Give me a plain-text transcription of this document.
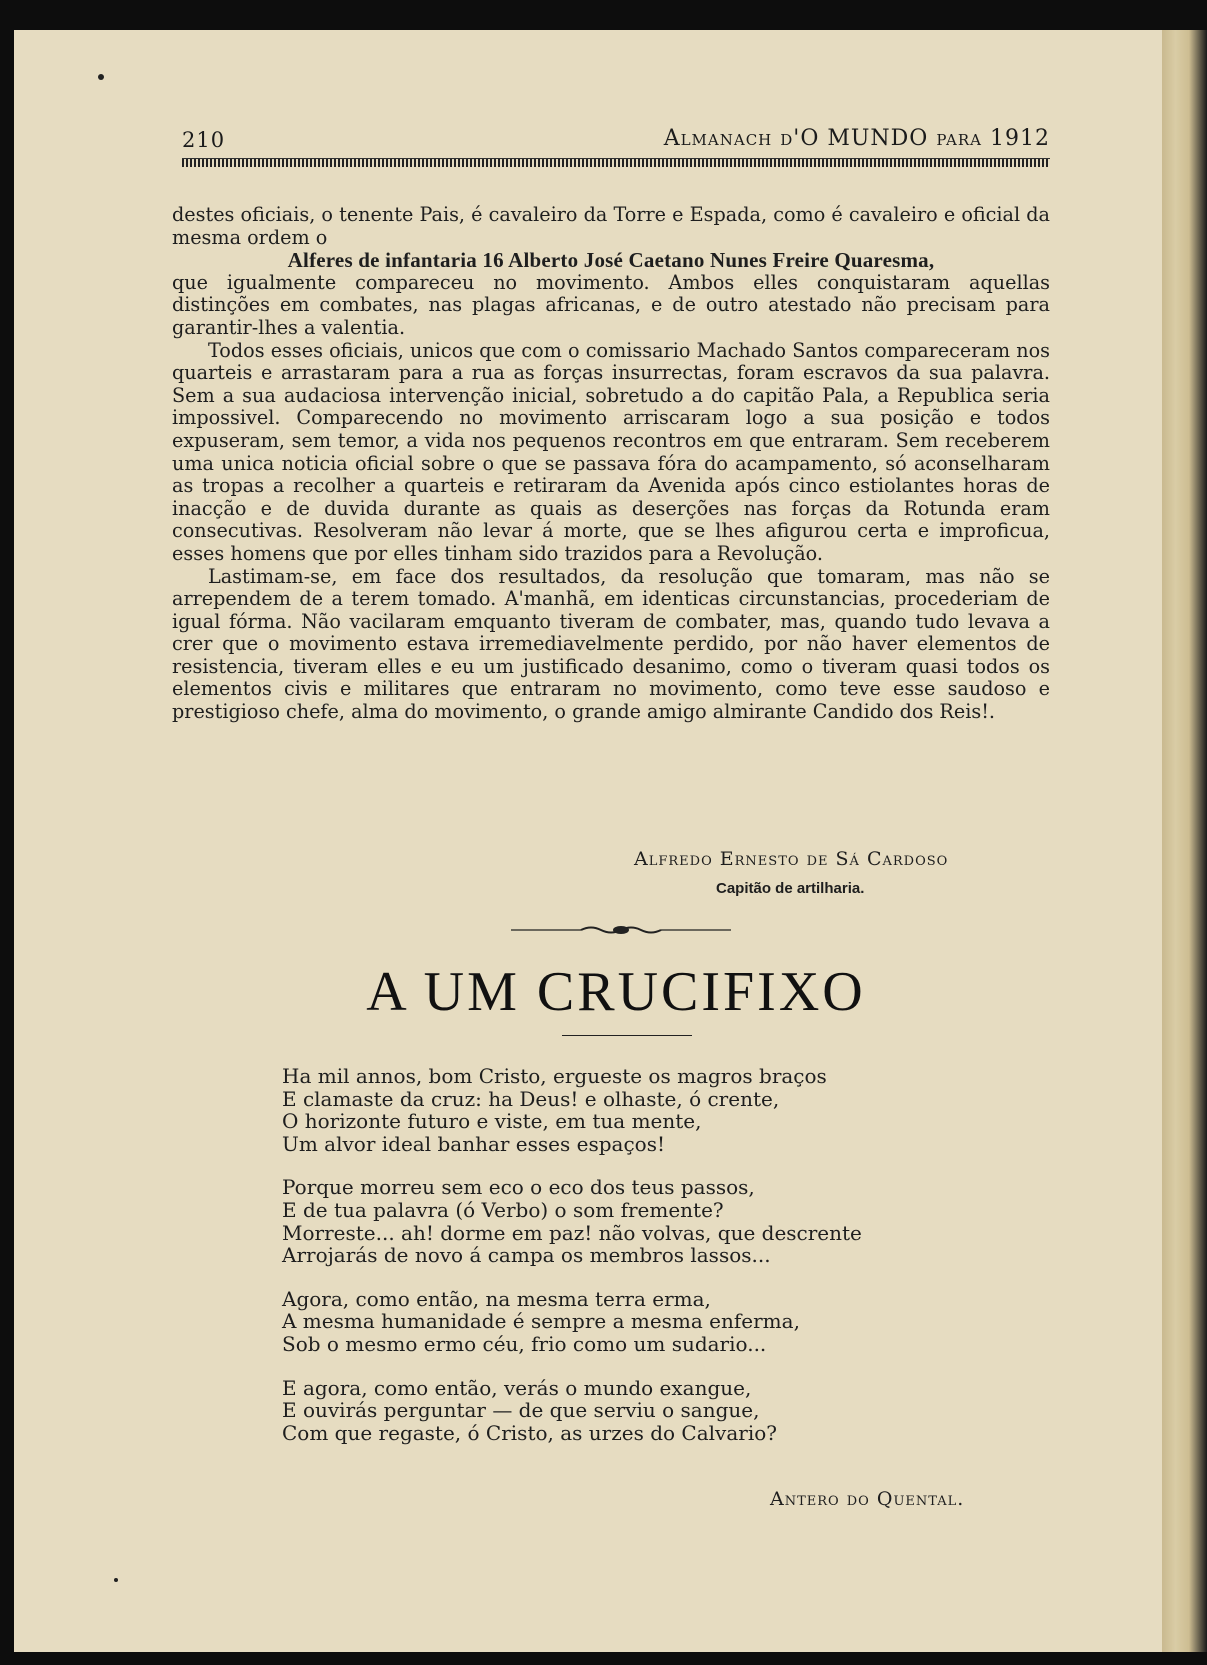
210	Almanach d'O MUNDO para 1912

destes oficiais, o tenente Pais, é cavaleiro da Torre e Espada, como é cavaleiro e oficial da mesma ordem o
Alferes de infantaria 16 Alberto José Caetano Nunes Freire Quaresma,
que igualmente compareceu no movimento. Ambos elles conquistaram aquellas distinções em combates, nas plagas africanas, e de outro atestado não precisam para garantir-lhes a valentia.

Todos esses oficiais, unicos que com o comissario Machado Santos compareceram nos quarteis e arrastaram para a rua as forças insurrectas, foram escravos da sua palavra. Sem a sua audaciosa intervenção inicial, sobretudo a do capitão Pala, a Republica seria impossivel. Comparecendo no movimento arriscaram logo a sua posição e todos expuseram, sem temor, a vida nos pequenos recontros em que entraram. Sem receberem uma unica noticia oficial sobre o que se passava fóra do acampamento, só aconselharam as tropas a recolher a quarteis e retiraram da Avenida após cinco estiolantes horas de inacção e de duvida durante as quais as deserções nas forças da Rotunda eram consecutivas. Resolveram não levar á morte, que se lhes afigurou certa e improficua, esses homens que por elles tinham sido trazidos para a Revolução.

Lastimam-se, em face dos resultados, da resolução que tomaram, mas não se arrependem de a terem tomado. A'manhã, em identicas circunstancias, procederiam de igual fórma. Não vacilaram emquanto tiveram de combater, mas, quando tudo levava a crer que o movimento estava irremediavelmente perdido, por não haver elementos de resistencia, tiveram elles e eu um justificado desanimo, como o tiveram quasi todos os elementos civis e militares que entraram no movimento, como teve esse saudoso e prestigioso chefe, alma do movimento, o grande amigo almirante Candido dos Reis!.

Alfredo Ernesto de Sá Cardoso
Capitão de artilharia.
A UM CRUCIFIXO
Ha mil annos, bom Cristo, ergueste os magros braços
E clamaste da cruz: ha Deus! e olhaste, ó crente,
O horizonte futuro e viste, em tua mente,
Um alvor ideal banhar esses espaços!
Porque morreu sem eco o eco dos teus passos,
E de tua palavra (ó Verbo) o som fremente?
Morreste... ah! dorme em paz! não volvas, que descrente
Arrojarás de novo á campa os membros lassos...
Agora, como então, na mesma terra erma,
A mesma humanidade é sempre a mesma enferma,
Sob o mesmo ermo céu, frio como um sudario...
E agora, como então, verás o mundo exangue,
E ouvirás perguntar — de que serviu o sangue,
Com que regaste, ó Cristo, as urzes do Calvario?
Antero do Quental.
